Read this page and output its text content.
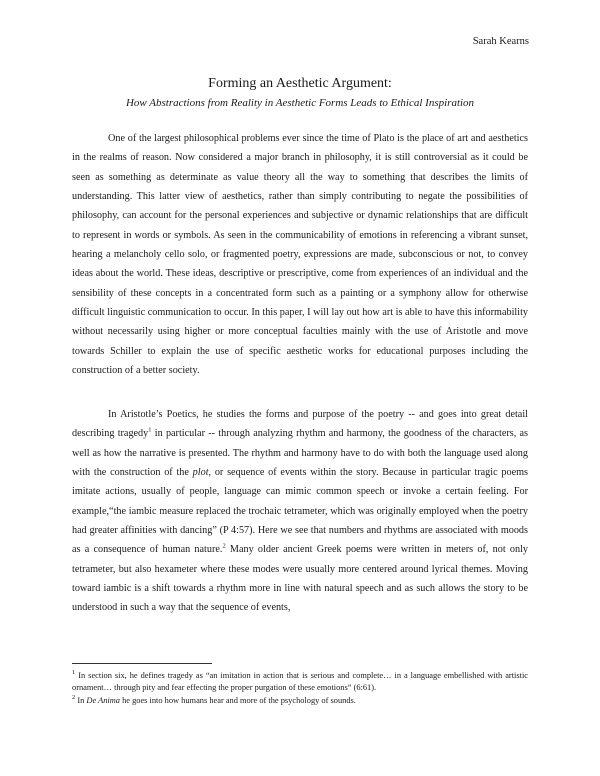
Sarah Kearns
Forming an Aesthetic Argument:
How Abstractions from Reality in Aesthetic Forms Leads to Ethical Inspiration

One of the largest philosophical problems ever since the time of Plato is the place of art and aesthetics in the realms of reason. Now considered a major branch in philosophy, it is still controversial as it could be seen as something as determinate as value theory all the way to something that describes the limits of understanding. This latter view of aesthetics, rather than simply contributing to negate the possibilities of philosophy, can account for the personal experiences and subjective or dynamic relationships that are difficult to represent in words or symbols. As seen in the communicability of emotions in referencing a vibrant sunset, hearing a melancholy cello solo, or fragmented poetry, expressions are made, subconscious or not, to convey ideas about the world. These ideas, descriptive or prescriptive, come from experiences of an individual and the sensibility of these concepts in a concentrated form such as a painting or a symphony allow for otherwise difficult linguistic communication to occur. In this paper, I will lay out how art is able to have this informability without necessarily using higher or more conceptual faculties mainly with the use of Aristotle and move towards Schiller to explain the use of specific aesthetic works for educational purposes including the construction of a better society.

In Aristotle’s Poetics, he studies the forms and purpose of the poetry -- and goes into great detail describing tragedy$^1$ in particular -- through analyzing rhythm and harmony, the goodness of the characters, as well as how the narrative is presented. The rhythm and harmony have to do with both the language used along with the construction of the plot, or sequence of events within the story. Because in particular tragic poems imitate actions, usually of people, language can mimic common speech or invoke a certain feeling. For example,“the iambic measure replaced the trochaic tetrameter, which was originally employed when the poetry had greater affinities with dancing” (P 4:57). Here we see that numbers and rhythms are associated with moods as a consequence of human nature.$^2$ Many older ancient Greek poems were written in meters of, not only tetrameter, but also hexameter where these modes were usually more centered around lyrical themes. Moving toward iambic is a shift towards a rhythm more in line with natural speech and as such allows the story to be understood in such a way that the sequence of events,

$^1$ In section six, he defines tragedy as “an imitation in action that is serious and complete… in a language embellished with artistic ornament… through pity and fear effecting the proper purgation of these emotions” (6:61).

$^2$ In De Anima he goes into how humans hear and more of the psychology of sounds.
